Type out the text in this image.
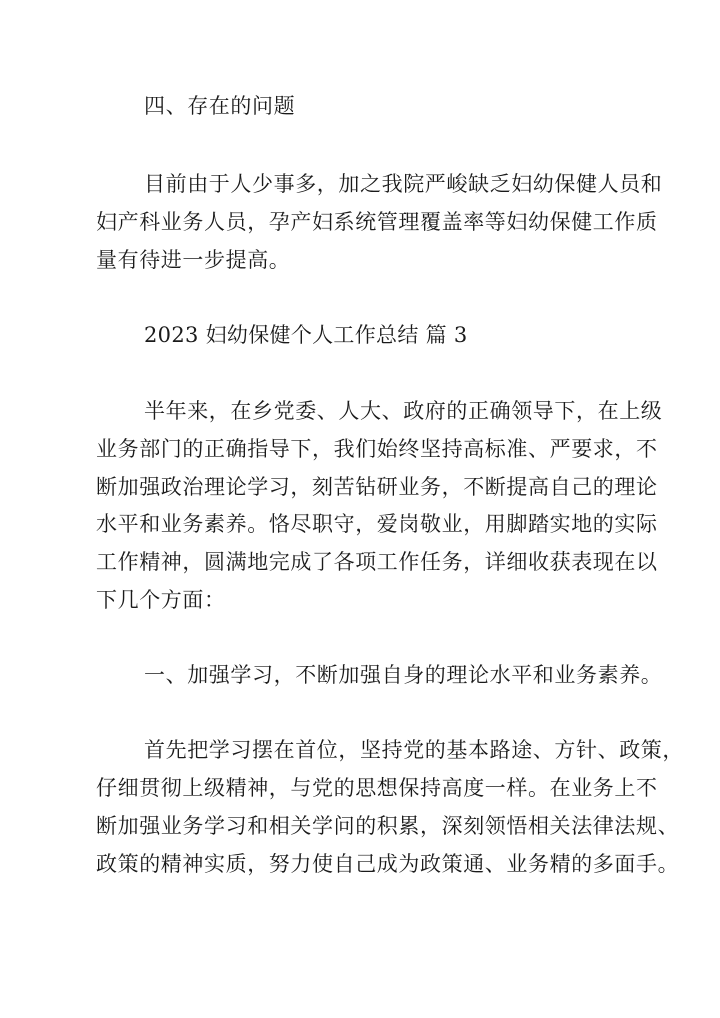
四、存在的问题
目前由于人少事多，加之我院严峻缺乏妇幼保健人员和
妇产科业务人员，孕产妇系统管理覆盖率等妇幼保健工作质
量有待进一步提高。
2023 妇幼保健个人工作总结 篇 3
半年来，在乡党委、人大、政府的正确领导下，在上级
业务部门的正确指导下，我们始终坚持高标准、严要求，不
断加强政治理论学习，刻苦钻研业务，不断提高自己的理论
水平和业务素养。恪尽职守，爱岗敬业，用脚踏实地的实际
工作精神，圆满地完成了各项工作任务，详细收获表现在以
下几个方面：
一、加强学习，不断加强自身的理论水平和业务素养。
首先把学习摆在首位，坚持党的基本路途、方针、政策，
仔细贯彻上级精神，与党的思想保持高度一样。在业务上不
断加强业务学习和相关学问的积累，深刻领悟相关法律法规、
政策的精神实质，努力使自己成为政策通、业务精的多面手。
